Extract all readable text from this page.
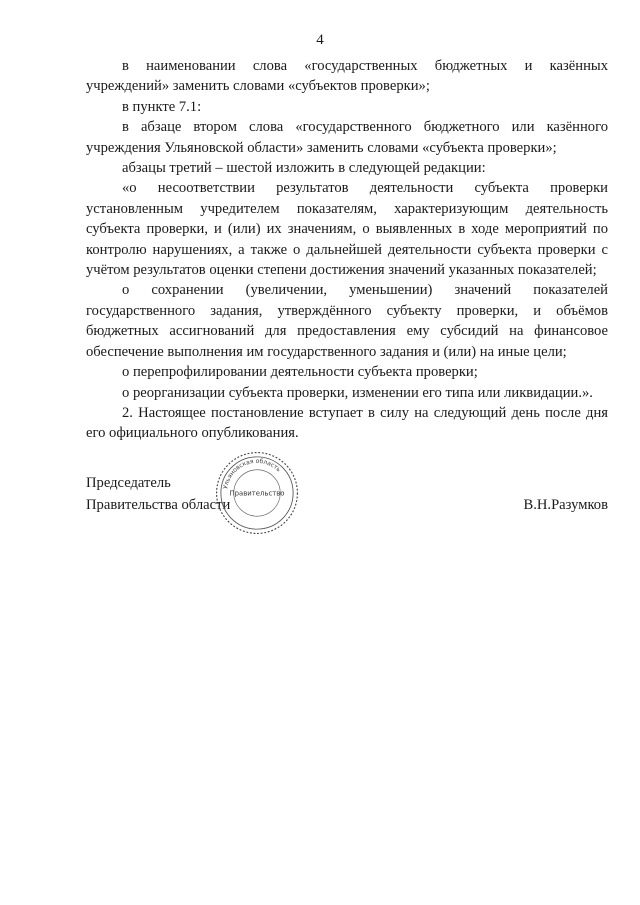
4

в наименовании слова «государственных бюджетных и казённых учреждений» заменить словами «субъектов проверки»;

в пункте 7.1:

в абзаце втором слова «государственного бюджетного или казённого учреждения Ульяновской области» заменить словами «субъекта проверки»;

абзацы третий – шестой изложить в следующей редакции:

«о несоответствии результатов деятельности субъекта проверки установленным учредителем показателям, характеризующим деятельность субъекта проверки, и (или) их значениям, о выявленных в ходе мероприятий по контролю нарушениях, а также о дальнейшей деятельности субъекта проверки с учётом результатов оценки степени достижения значений указанных показателей;

о сохранении (увеличении, уменьшении) значений показателей государственного задания, утверждённого субъекту проверки, и объёмов бюджетных ассигнований для предоставления ему субсидий на финансовое обеспечение выполнения им государственного задания и (или) на иные цели;

о перепрофилировании деятельности субъекта проверки;

о реорганизации субъекта проверки, изменении его типа или ликвидации.».

2. Настоящее постановление вступает в силу на следующий день после дня его официального опубликования.

Председатель
Правительства области
Ульяновская область
Правительство
В.Н.Разумков
